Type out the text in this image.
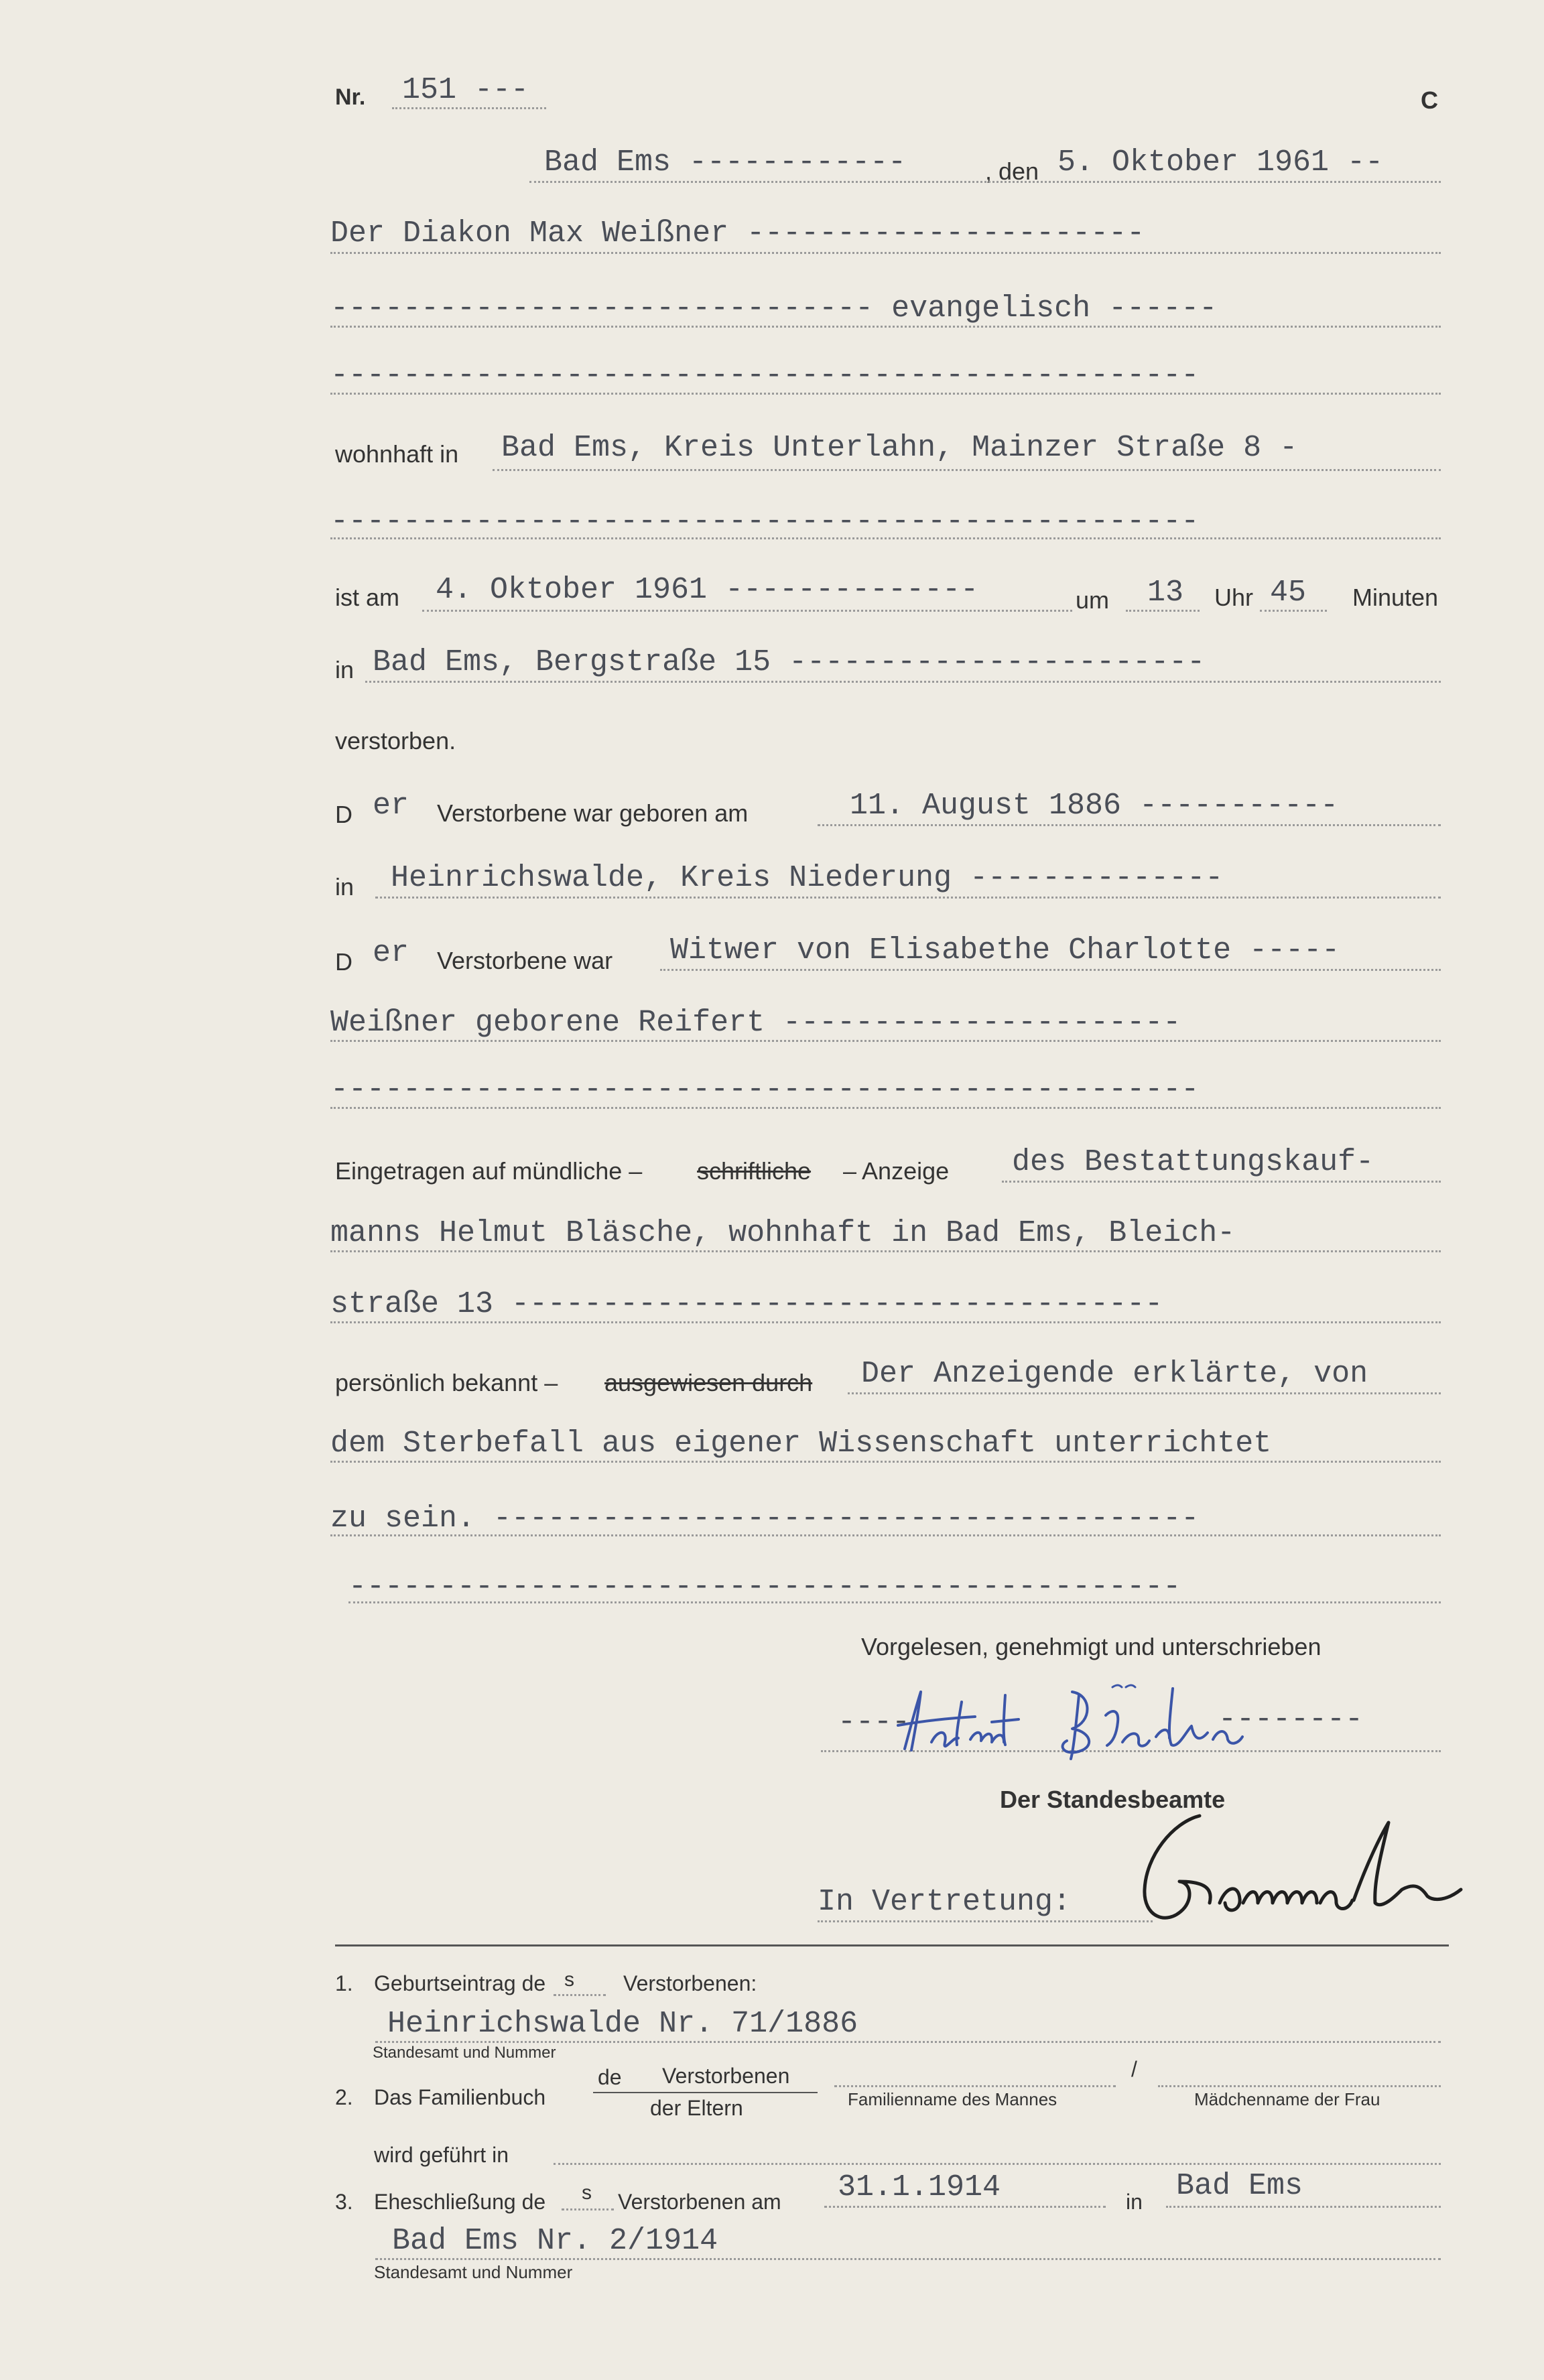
Nr. 151 ---	C
Bad Ems ------------	, den 5. Oktober 1961 --
Der Diakon Max Weißner ----------------------
------------------------------ evangelisch ------
------------------------------------------------
wohnhaft in Bad Ems, Kreis Unterlahn, Mainzer Straße 8 -
------------------------------------------------
ist am 4. Oktober 1961 --------------	um 13 Uhr 45 Minuten
in Bad Ems, Bergstraße 15 -----------------------
verstorben.
D er Verstorbene war geboren am	11. August 1886 -----------
in Heinrichswalde, Kreis Niederung --------------
D er Verstorbene war Witwer von Elisabethe Charlotte -----
Weißner geborene Reifert ----------------------
------------------------------------------------
Eingetragen auf mündliche – schriftliche – Anzeige des Bestattungskauf-
manns Helmut Bläsche, wohnhaft in Bad Ems, Bleich-
straße 13 ------------------------------------
persönlich bekannt – ausgewiesen durch Der Anzeigende erklärte, von
dem Sterbefall aus eigener Wissenschaft unterrichtet
zu sein. ---------------------------------------
----------------------------------------------
Vorgelesen, genehmigt und unterschrieben
----	--------
Der Standesbeamte
In Vertretung:
1. Geburtseintrag de s Verstorbenen:
Heinrichswalde Nr. 71/1886
Standesamt und Nummer
2. Das Familienbuch
de Verstorbenen
der Eltern	Familienname des Mannes
/
Mädchenname der Frau
wird geführt in
3. Eheschließung de s Verstorbenen am 31.1.1914	in Bad Ems
Bad Ems Nr. 2/1914
Standesamt und Nummer
